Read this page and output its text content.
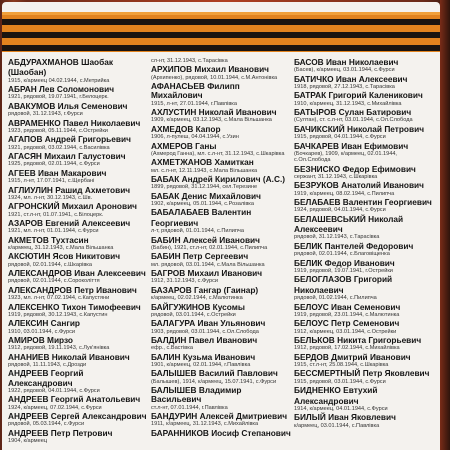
АБДУРАХМАНОВ Шаобак
(Шаобан)
1915, к/армеец 04.02.1944, с.Метрийка
АБРАН Лев Соломонович
1921, рядовой, 19.07.1941, г.Белоцерк.
АВАКУМОВ Илья Семенович
рядовой, 31.12.1943, г.Фурси
АВРАМЕНКО Павел Николаевич
1923, рядовой, 05.11.1944, с.Острейки
АГАПОВ Андрей Григорьевич
1921, рядовой, 03.02.1944, с.Василівка
АГАСЯН Михаил Галустович
1925, рядовой, 02.01.1944, с.Фурси
АГЕЕВ Иван Макарович
1915, л-нт, 17.07.1941, с.Щербані
АГЛИУЛИН Рашид Ахметович
1924, мл. л-нт, 30.12.1943, с.Шв.
АГРОНСКИЙ Михаил Аронович
1921, ст.л-нт, 01.07.1941, с.Білоцерк.
АЗАРОВ Евгений Алексеевич
1921, мл. л-нт, 01.01.1944, с.Фурси
АКМЕТОВ Тухтасин
к/армеец, 31.12.1943, с.Мала Вільшанка
АКСЮТИН Ясов Никитович
рядовой, 02.01.1944, с.Шкарівка
АЛЕКСАНДРОВ Иван Алексеевич
рядовой, 02.01.1944, с.Сороколіття
АЛЕКСАНДРОВ Петр Иванович
1923, мл. л-нт, 07.02.1944, с.Капустяни
АЛЕКСЕНКО Тихон Тимофеевич
1919, рядовой, 30.12.1943, с.Капустин
АЛЕКСИН Сангир
1910, 03.01.1944, с.Фурси
АМИРОВ Мирзо
1912, рядовой, 19.11.1943, с.Лук'янівка
АНАНИЕВ Николай Иванович
рядовой, 11.11.1943, с.Дрозди
АНДРЕЕВ Георгий Александрович
1922, рядовой, 04.01.1944, с.Фурси
АНДРЕЕВ Георгий Анатольевич
1924, к/армеец, 07.02.1944, с.Фурси
АНДРЕЕВ Сергей Александрович
рядовой, 05.03.1944, с.Фурси
АНДРЕЕВ Петр Петрович
1904, к/армеец
сл-нт, 31.12.1943, с.Тарасівка
АРХИПОВ Михаил Иванович
(Архипенко), рядовой, 10.01.1944, с.М.Антонівка
АФАНАСЬЕВ Филипп Михайлович
1915, л-нт, 27.01.1944, г.Павлівка
АХЛУСТИН Николай Иванович
1909, к/армеец, 03.12.1943, с.Мала Вільшанка
АХМЕДОВ Капор
1906, л-пулеш, 04.04.1944, с.Узин
АХМЕРОВ Ганы
(Ахмерод Ганна), мл. с.л-нт, 31.12.1943, с.Шкарівка
АХМЕТЖАНОВ Хамиткан
мл. с.л-нт, 12.11.1943, с.Мала Вільшанка
БАБАК Андрей Кирилович (А.С.)
1899, рядовой, 31.12.1944, сел.Терезине
БАБАК Денис Михайлович
1902, к/армеец, 05.01.1944, с.Розалівка
БАБАЛАБАЕВ Валентин
Георгиевич
л-т, рядовой, 01.01.1944, с.Пилипча
БАБИН Алексей Иванович
(Бабин), 1921, ст.л-нт, 02.01.1944, с.Пилипча
БАБИН Петр Сергеевич
мл. рядовой, 03.01.1944, с.Мала Вільшанка
БАГРОВ Михаил Иванович
1912, 31.12.1943, с.Фурси
БАЗАРОВ Гангар (Гаинар)
к/армеец, 02.02.1944, с.Малютинка
БАЙГУЖИНОВ Кусомы
рядовой, 03.01.1944, с.Острейки
БАЛАГУРА Иван Ульянович
1903, рядовой, 03.01.1944, с.Ол.Слобода
БАЛДИН Павел Иванович
ефр., с.Вастівка
БАЛИН Кузьма Иванович
1901, к/армеец, 02.01.1944, г.Павлівка
БАЛЫШЕВ Василий Павлович
(Балышев), 1914, к/армеец, 15.07.1941, с.Фурси
БАЛЫШЕВ Владимир Васильевич
ст.л-нт, 07.01.1944, г.Павлівка
БАНДУРИН Алексей Дмитриевич
1911, к/армеец, 31.12.1943, с.Михайлівка
БАРАННИКОВ Иосиф Степанович
БАСОВ Иван Николаевич
(Басев), к/армеец, 03.01.1944, с.Фурси
БАТИЧКО Иван Алексеевич
1918, рядовой, 27.12.1943, с.Тарасівка
БАТРАК Григорий Каленикович
1910, к/армеец, 31.12.1943, с.Михайлівка
БАТЫРОВ Сулан Батирович
(Султан), ст. с.л-нт, 03.01.1944, с.Ол.Слобода
БАЧИКСКИЙ Николай Петрович
1915, рядовой, 04.01.1944, с.Фурси
БАЧКАРЕВ Иван Ефимович
(Бочкарев), 1909, к/армеец, 02.01.1944, с.Ол.Слобода
БЕЗНИСКО Федор Ефимович
сержант, 31.12.1943, с.Шкарівка
БЕЗРУКОВ Анатолий Иванович
1919, к/армеец, 08.02.1944, с.Пилипча
БЕЛАБАЕВ Валентин Георгиевич
1924, рядовой, 04.01.1944, с.Фурси
БЕЛАШЕВСЬКИЙ Николай
Алексеевич
рядовой, 31.12.1943, с.Тарасівка
БЕЛИК Пантелей Федорович
рядовой, 02.01.1944, с.Благовіщенка
БЕЛИК Федор Иванович
1919, рядовой, 19.07.1941, г.Острейки
БЕЛОГЛАЗОВ Григорий
Николаевич
рядовой, 01.02.1944, с.Пилипча
БЕЛОУС Иван Семенович
1919, рядовой, 23.01.1944, с.Малютинка
БЕЛОУС Петр Семенович
1912, к/армеец, 03.01.1944, с.Острейки
БЕЛЬКОВ Никита Григорьевич
1912, рядовой, 17.02.1944, с.Михайлівка
БЕРДОВ Дмитрий Иванович
1915, ст.л-нт, 25.08.1944, с.Шкарівка
БЕССМЕРТНЫЙ Петр Яковлевич
1915, рядовой, 03.01.1944, с.Фурси
БИДНЕНКО Евтухий
Александрович
1914, к/армеец, 04.01.1944, с.Фурси
БИЛЫЙ Иван Яковлевич
к/армеец, 03.01.1944, с.Павлівка
